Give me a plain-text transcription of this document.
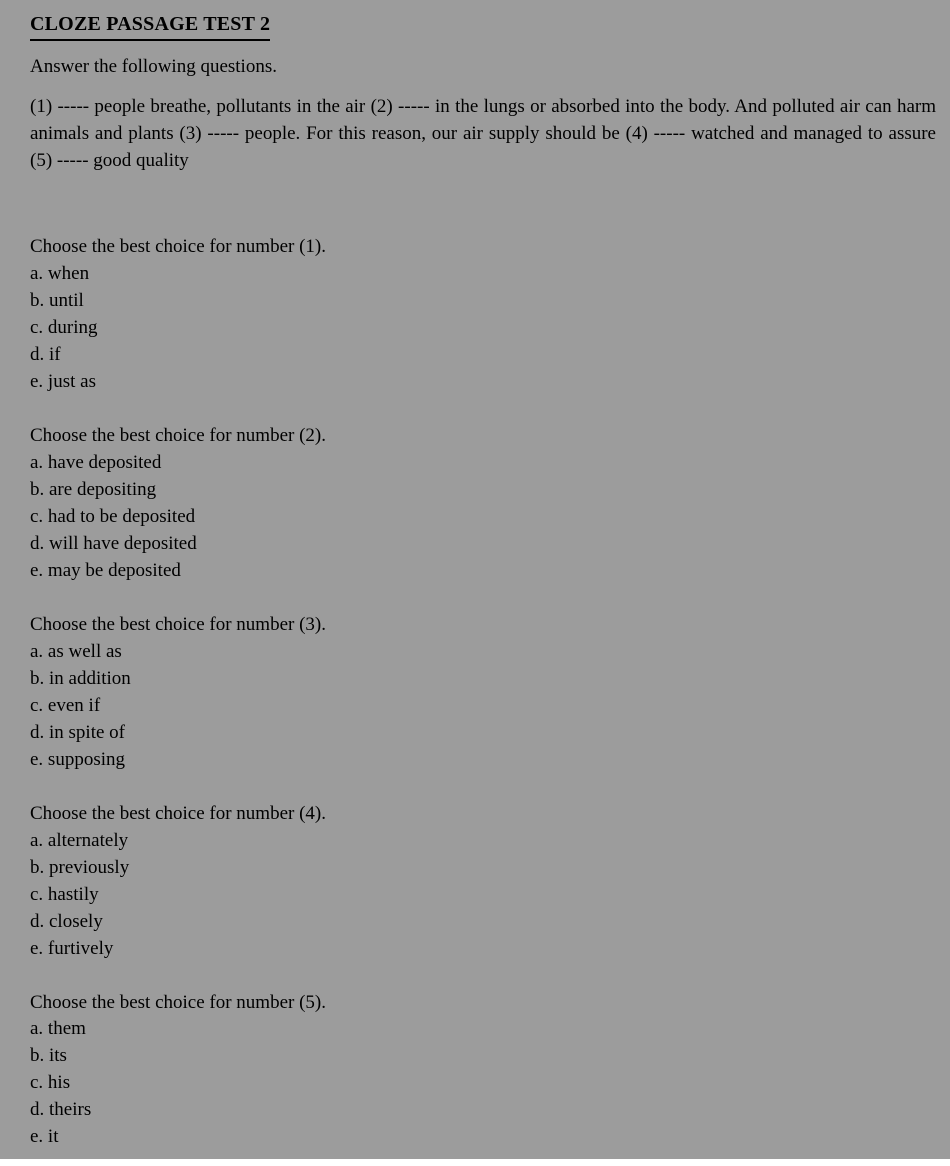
CLOZE PASSAGE TEST 2

Answer the following questions.

(1) ----- people breathe, pollutants in the air (2) ----- in the lungs or absorbed into the body. And polluted air can harm animals and plants (3) ----- people. For this reason, our air supply should be (4) ----- watched and managed to assure (5) ----- good quality

Choose the best choice for number (1).

a. when
b. until
c. during
d. if
e. just as

Choose the best choice for number (2).

a. have deposited
b. are depositing
c. had to be deposited
d. will have deposited
e. may be deposited

Choose the best choice for number (3).

a. as well as
b. in addition
c. even if
d. in spite of
e. supposing

Choose the best choice for number (4).

a. alternately
b. previously
c. hastily
d. closely
e. furtively

Choose the best choice for number (5).

a. them
b. its
c. his
d. theirs
e. it
